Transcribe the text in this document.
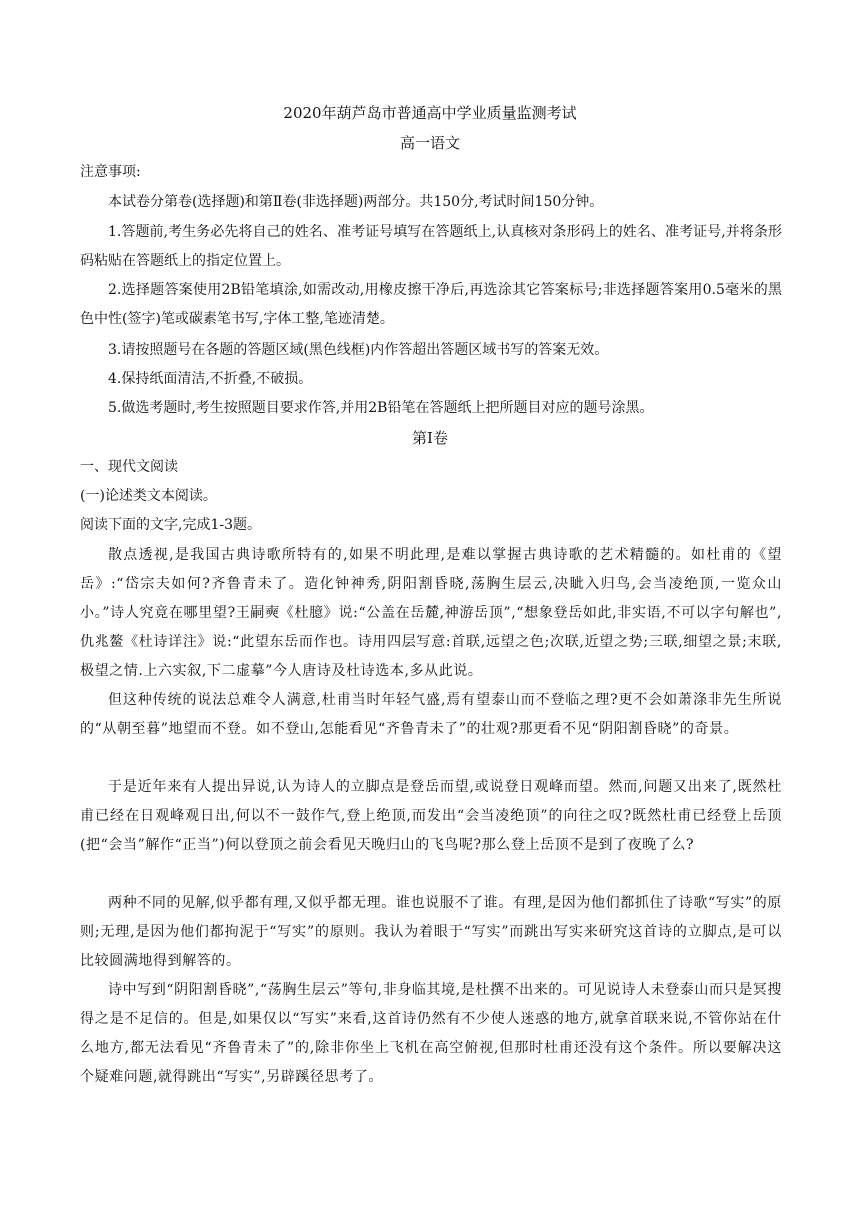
2020年葫芦岛市普通高中学业质量监测考试
高一语文
注意事项:
本试卷分第卷(选择题)和第Ⅱ卷(非选择题)两部分。共150分,考试时间150分钟。
1.答题前,考生务必先将自己的姓名、准考证号填写在答题纸上,认真核对条形码上的姓名、准考证号,并将条形码粘贴在答题纸上的指定位置上。
2.选择题答案使用2B铅笔填涂,如需改动,用橡皮擦干净后,再选涂其它答案标号;非选择题答案用0.5毫米的黑色中性(签字)笔或碳素笔书写,字体工整,笔迹清楚。
3.请按照题号在各题的答题区域(黑色线框)内作答超出答题区域书写的答案无效。
4.保持纸面清洁,不折叠,不破损。
5.做选考题时,考生按照题目要求作答,并用2B铅笔在答题纸上把所题目对应的题号涂黑。
第Ⅰ卷
一、现代文阅读
(一)论述类文本阅读。
阅读下面的文字,完成1-3题。
散点透视,是我国古典诗歌所特有的,如果不明此理,是难以掌握古典诗歌的艺术精髓的。如杜甫的《望岳》:“岱宗夫如何?齐鲁青未了。造化钟神秀,阴阳割昏晓,荡胸生层云,决眦入归鸟,会当凌绝顶,一览众山小。”诗人究竟在哪里望?王嗣奭《杜臆》说:“公盖在岳麓,神游岳顶”,“想象登岳如此,非实语,不可以字句解也”,仇兆鳌《杜诗详注》说:“此望东岳而作也。诗用四层写意:首联,远望之色;次联,近望之势;三联,细望之景;末联,极望之情.上六实叙,下二虚摹”今人唐诗及杜诗选本,多从此说。
但这种传统的说法总难令人满意,杜甫当时年轻气盛,焉有望泰山而不登临之理?更不会如萧涤非先生所说的“从朝至暮”地望而不登。如不登山,怎能看见“齐鲁青未了”的壮观?那更看不见“阴阳割昏晓”的奇景。
于是近年来有人提出异说,认为诗人的立脚点是登岳而望,或说登日观峰而望。然而,问题又出来了,既然杜甫已经在日观峰观日出,何以不一鼓作气,登上绝顶,而发出“会当凌绝顶”的向往之叹?既然杜甫已经登上岳顶(把“会当”解作“正当”)何以登顶之前会看见天晚归山的飞鸟呢?那么登上岳顶不是到了夜晚了么?
两种不同的见解,似乎都有理,又似乎都无理。谁也说服不了谁。有理,是因为他们都抓住了诗歌“写实”的原则;无理,是因为他们都拘泥于“写实”的原则。我认为着眼于“写实”而跳出写实来研究这首诗的立脚点,是可以比较圆满地得到解答的。
诗中写到“阴阳割昏晓”,“荡胸生层云”等句,非身临其境,是杜撰不出来的。可见说诗人未登泰山而只是冥搜得之是不足信的。但是,如果仅以“写实”来看,这首诗仍然有不少使人迷惑的地方,就拿首联来说,不管你站在什么地方,都无法看见“齐鲁青未了”的,除非你坐上飞机在高空俯视,但那时杜甫还没有这个条件。所以要解决这个疑难问题,就得跳出“写实”,另辟蹊径思考了。
